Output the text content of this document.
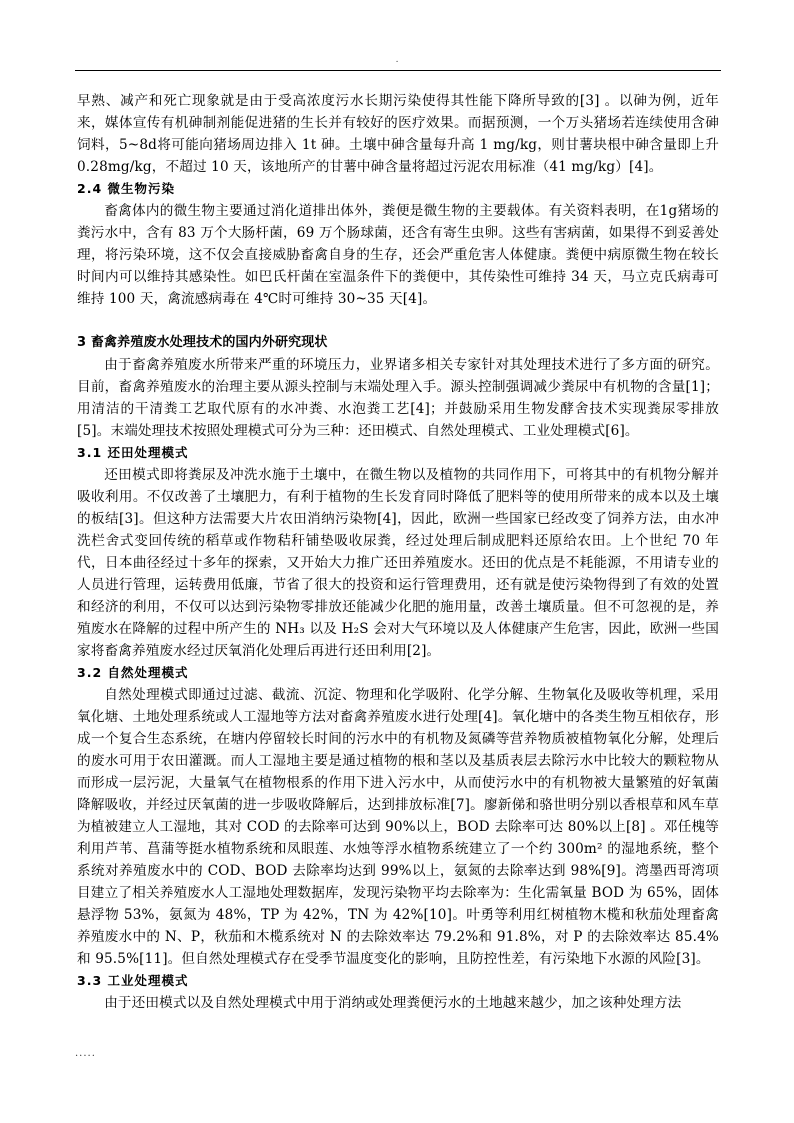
.

早熟、减产和死亡现象就是由于受高浓度污水长期污染使得其性能下降所导致的[3] 。以砷为例，近年来，媒体宣传有机砷制剂能促进猪的生长并有较好的医疗效果。而据预测，一个万头猪场若连续使用含砷饲料，5~8d将可能向猪场周边排入 1t 砷。土壤中砷含量每升高 1 mg/kg，则甘薯块根中砷含量即上升 0.28mg/kg，不超过 10 天，该地所产的甘薯中砷含量将超过污泥农用标准（41 mg/kg）[4]。

2.4 微生物污染

畜禽体内的微生物主要通过消化道排出体外，粪便是微生物的主要载体。有关资料表明，在1g猪场的粪污水中，含有 83 万个大肠杆菌，69 万个肠球菌，还含有寄生虫卵。这些有害病菌，如果得不到妥善处理，将污染环境，这不仅会直接威胁畜禽自身的生存，还会严重危害人体健康。粪便中病原微生物在较长时间内可以维持其感染性。如巴氏杆菌在室温条件下的粪便中，其传染性可维持 34 天，马立克氏病毒可维持 100 天，禽流感病毒在 4℃时可维持 30~35 天[4]。

3 畜禽养殖废水处理技术的国内外研究现状

由于畜禽养殖废水所带来严重的环境压力，业界诸多相关专家针对其处理技术进行了多方面的研究。目前，畜禽养殖废水的治理主要从源头控制与末端处理入手。源头控制强调减少粪尿中有机物的含量[1]；用清洁的干清粪工艺取代原有的水冲粪、水泡粪工艺[4]；并鼓励采用生物发酵舍技术实现粪尿零排放[5]。末端处理技术按照处理模式可分为三种：还田模式、自然处理模式、工业处理模式[6]。

3.1 还田处理模式

还田模式即将粪尿及冲洗水施于土壤中，在微生物以及植物的共同作用下，可将其中的有机物分解并吸收利用。不仅改善了土壤肥力，有利于植物的生长发育同时降低了肥料等的使用所带来的成本以及土壤的板结[3]。但这种方法需要大片农田消纳污染物[4]，因此，欧洲一些国家已经改变了饲养方法，由水冲洗栏舍式变回传统的稻草或作物秸秆铺垫吸收尿粪，经过处理后制成肥料还原给农田。上个世纪 70 年代，日本曲径经过十多年的探索，又开始大力推广还田养殖废水。还田的优点是不耗能源，不用请专业的人员进行管理，运转费用低廉，节省了很大的投资和运行管理费用，还有就是使污染物得到了有效的处置和经济的利用，不仅可以达到污染物零排放还能减少化肥的施用量，改善土壤质量。但不可忽视的是，养殖废水在降解的过程中所产生的 NH₃ 以及 H₂S 会对大气环境以及人体健康产生危害，因此，欧洲一些国家将畜禽养殖废水经过厌氧消化处理后再进行还田利用[2]。

3.2 自然处理模式

自然处理模式即通过过滤、截流、沉淀、物理和化学吸附、化学分解、生物氧化及吸收等机理，采用氧化塘、土地处理系统或人工湿地等方法对畜禽养殖废水进行处理[4]。氧化塘中的各类生物互相依存，形成一个复合生态系统，在塘内停留较长时间的污水中的有机物及氮磷等营养物质被植物氧化分解，处理后的废水可用于农田灌溉。而人工湿地主要是通过植物的根和茎以及基质表层去除污水中比较大的颗粒物从而形成一层污泥，大量氧气在植物根系的作用下进入污水中，从而使污水中的有机物被大量繁殖的好氧菌降解吸收，并经过厌氧菌的进一步吸收降解后，达到排放标准[7]。廖新俤和骆世明分别以香根草和风车草为植被建立人工湿地，其对 COD 的去除率可达到 90%以上，BOD 去除率可达 80%以上[8] 。邓任槐等利用芦苇、菖蒲等挺水植物系统和凤眼莲、水烛等浮水植物系统建立了一个约 300m² 的湿地系统，整个系统对养殖废水中的 COD、BOD 去除率均达到 99%以上，氨氮的去除率达到 98%[9]。湾墨西哥湾项目建立了相关养殖废水人工湿地处理数据库，发现污染物平均去除率为：生化需氧量 BOD 为 65%，固体悬浮物 53%，氨氮为 48%，TP 为 42%，TN 为 42%[10]。叶勇等利用红树植物木榄和秋茄处理畜禽养殖废水中的 N、P，秋茄和木榄系统对 N 的去除效率达 79.2%和 91.8%，对 P 的去除效率达 85.4%和 95.5%[11]。但自然处理模式存在受季节温度变化的影响，且防控性差，有污染地下水源的风险[3]。

3.3 工业处理模式

由于还田模式以及自然处理模式中用于消纳或处理粪便污水的土地越来越少，加之该种处理方法

.....
